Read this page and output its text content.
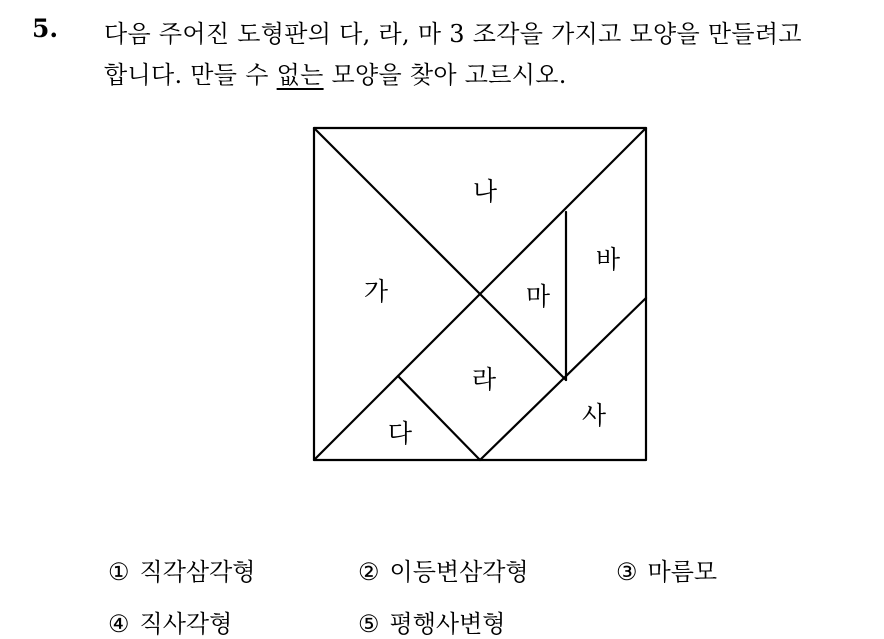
5. 다음 주어진 도형판의 다, 라, 마 3 조각을 가지고 모양을 만들려고
합니다. 만들 수 없는 모양을 찾아 고르시오.
나
가
바
마
라
사
다
① 직각삼각형	② 이등변삼각형	③ 마름모
④ 직사각형	⑤ 평행사변형
